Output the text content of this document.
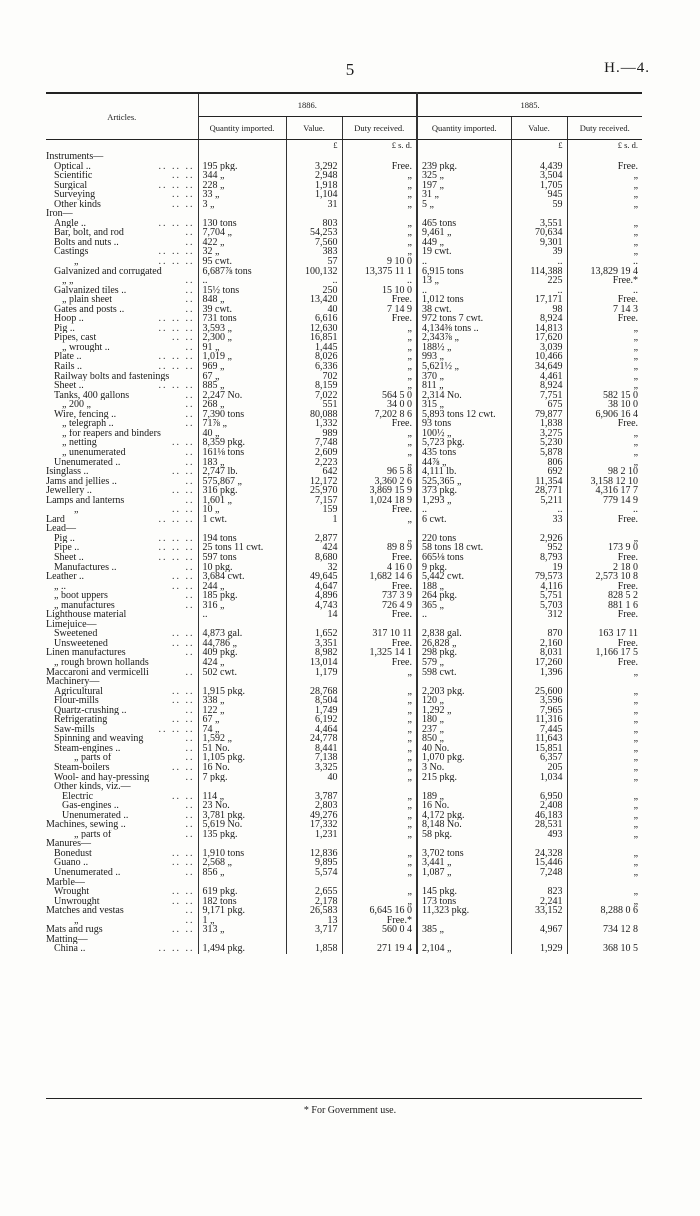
5	H.—4.
Articles.	1886.			1885.		
	Quantity imported.	Value.	Duty received.	Quantity imported.	Value.	Duty received.
		£	£ s. d.		£	£ s. d.

Instruments—						

.. .. ..
Optical ..	195 pkg.	3,292	Free.	239 pkg.	4,439	Free.

.. ..
Scientific	344 „	2,948	„	325 „	3,504	„

.. .. ..
Surgical	228 „	1,918	„	197 „	1,705	„

.. ..
Surveying	33 „	1,104	„	31 „	945	„

.. ..
Other kinds	3 „	31	„	5 „	59	„

Iron—						

.. .. ..
Angle ..	130 tons	803	„	465 tons	3,551	„

..
Bar, bolt, and rod	7,704 „	54,253	„	9,461 „	70,634	„

..
Bolts and nuts ..	422 „	7,560	„	449 „	9,301	„

.. .. ..
Castings	32 „	383	„	19 cwt.	39	„

.. .. ..
„	95 cwt.	57	9 10 0	..	..	..

Galvanized and corrugated	6,687⅞ tons	100,132	13,375 11 1	6,915 tons	114,388	13,829 19 4

..
„ „	..	..	..	13 „	225	Free.*

..
Galvanized tiles ..	15½ tons	250	15 10 0	..	..	..

..
„ plain sheet	848 „	13,420	Free.	1,012 tons	17,171	Free.

..
Gates and posts ..	39 cwt.	40	7 14 9	38 cwt.	98	7 14 3

.. .. ..
Hoop ..	731 tons	6,616	Free.	972 tons 7 cwt.	8,924	Free.

.. .. ..
Pig ..	3,593 „	12,630	„	4,134⅜ tons ..	14,813	„

.. ..
Pipes, cast	2,300 „	16,851	„	2,343⅞ „	17,620	„

..
„ wrought ..	91 „	1,445	„	188½ „	3,039	„

.. .. ..
Plate ..	1,019 „	8,026	„	993 „	10,466	„

.. .. ..
Rails ..	969 „	6,336	„	5,621½ „	34,649	„

Railway bolts and fastenings	67 „	702	„	370 „	4,461	„

.. .. ..
Sheet ..	885 „	8,159	„	811 „	8,924	„

..
Tanks, 400 gallons	2,247 No.	7,022	564 5 0	2,314 No.	7,751	582 15 0

..
„ 200 „	268 „	551	34 0 0	315 „	675	38 10 0

..
Wire, fencing ..	7,390 tons	80,088	7,202 8 6	5,893 tons 12 cwt.	79,877	6,906 16 4

..
„ telegraph ..	71⅞ „	1,332	Free.	93 tons	1,838	Free.

„ for reapers and binders	40 „	989	„	100½ „	3,275	„

.. ..
„ netting	8,359 pkg.	7,748	„	5,723 pkg.	5,230	„

..
„ unenumerated	161⅛ tons	2,609	„	435 tons	5,878	„

..
Unenumerated ..	183 „	2,223	„	44⅞ „	806	„

.. ..
Isinglass ..	2,747 lb.	642	96 5 8	4,111 lb.	692	98 2 10

..
Jams and jellies ..	575,867 „	12,172	3,360 2 6	525,365 „	11,354	3,158 12 10

.. ..
Jewellery ..	316 pkg.	25,970	3,869 15 9	373 pkg.	28,771	4,316 17 7

..
Lamps and lanterns	1,601 „	7,157	1,024 18 9	1,293 „	5,211	779 14 9

.. ..
„	10 „	159	Free.	..	..	..

.. .. ..
Lard	1 cwt.	1	„	6 cwt.	33	Free.

Lead—						

.. .. ..
Pig ..	194 tons	2,877	„	220 tons	2,926	„

.. .. ..
Pipe ..	25 tons 11 cwt.	424	89 8 9	58 tons 18 cwt.	952	173 9 0

.. .. ..
Sheet ..	597 tons	8,680	Free.	665⅛ tons	8,793	Free.

..
Manufactures ..	10 pkg.	32	4 16 0	9 pkg.	19	2 18 0

.. ..
Leather ..	3,684 cwt.	49,645	1,682 14 6	5,442 cwt.	79,573	2,573 10 8

.. ..
„ ..	244 „	4,647	Free.	188 „	4,116	Free.

..
„ boot uppers	185 pkg.	4,896	737 3 9	264 pkg.	5,751	828 5 2

..
„ manufactures	316 „	4,743	726 4 9	365 „	5,703	881 1 6

Lighthouse material	..	14	Free.	..	312	Free.

Limejuice—						

.. ..
Sweetened	4,873 gal.	1,652	317 10 11	2,838 gal.	870	163 17 11

.. ..
Unsweetened	44,786 „	3,351	Free.	26,828 „	2,160	Free.

..
Linen manufactures	409 pkg.	8,982	1,325 14 1	298 pkg.	8,031	1,166 17 5

„ rough brown hollands	424 „	13,014	Free.	579 „	17,260	Free.

..
Maccaroni and vermicelli	502 cwt.	1,179	„	598 cwt.	1,396	„

Machinery—						

.. ..
Agricultural	1,915 pkg.	28,768	„	2,203 pkg.	25,600	„

.. ..
Flour-mills	338 „	8,504	„	120 „	3,596	„

..
Quartz-crushing ..	122 „	1,749	„	1,292 „	7,965	„

.. ..
Refrigerating	67 „	6,192	„	180 „	11,316	„

.. .. ..
Saw-mills	74 „	4,464	„	237 „	7,445	„

..
Spinning and weaving	1,592 „	24,778	„	850 „	11,643	„

..
Steam-engines ..	51 No.	8,441	„	40 No.	15,851	„

..
„ parts of	1,105 pkg.	7,138	„	1,070 pkg.	6,357	„

.. ..
Steam-boilers	16 No.	3,325	„	3 No.	205	„

..
Wool- and hay-pressing	7 pkg.	40	„	215 pkg.	1,034	„

Other kinds, viz.—						

.. ..
Electric	114 „	3,787	„	189 „	6,950	„

..
Gas-engines ..	23 No.	2,803	„	16 No.	2,408	„

..
Unenumerated ..	3,781 pkg.	49,276	„	4,172 pkg.	46,183	„

..
Machines, sewing ..	5,619 No.	17,332	„	8,148 No.	28,531	„

..
„ parts of	135 pkg.	1,231	„	58 pkg.	493	„

Manures—						

.. ..
Bonedust	1,910 tons	12,836	„	3,702 tons	24,328	„

.. ..
Guano ..	2,568 „	9,895	„	3,441 „	15,446	„

..
Unenumerated ..	856 „	5,574	„	1,087 „	7,248	„

Marble—						

.. ..
Wrought	619 pkg.	2,655	„	145 pkg.	823	„

.. ..
Unwrought	182 tons	2,178	„	173 tons	2,241	„

..
Matches and vestas	9,171 pkg.	26,583	6,645 16 0	11,323 pkg.	33,152	8,288 0 6

..
„	1 „	13	Free.*			

.. ..
Mats and rugs	313 „	3,717	560 0 4	385 „	4,967	734 12 8

Matting—						

.. .. ..
China ..	1,494 pkg.	1,858	271 19 4	2,104 „	1,929	368 10 5
* For Government use.
